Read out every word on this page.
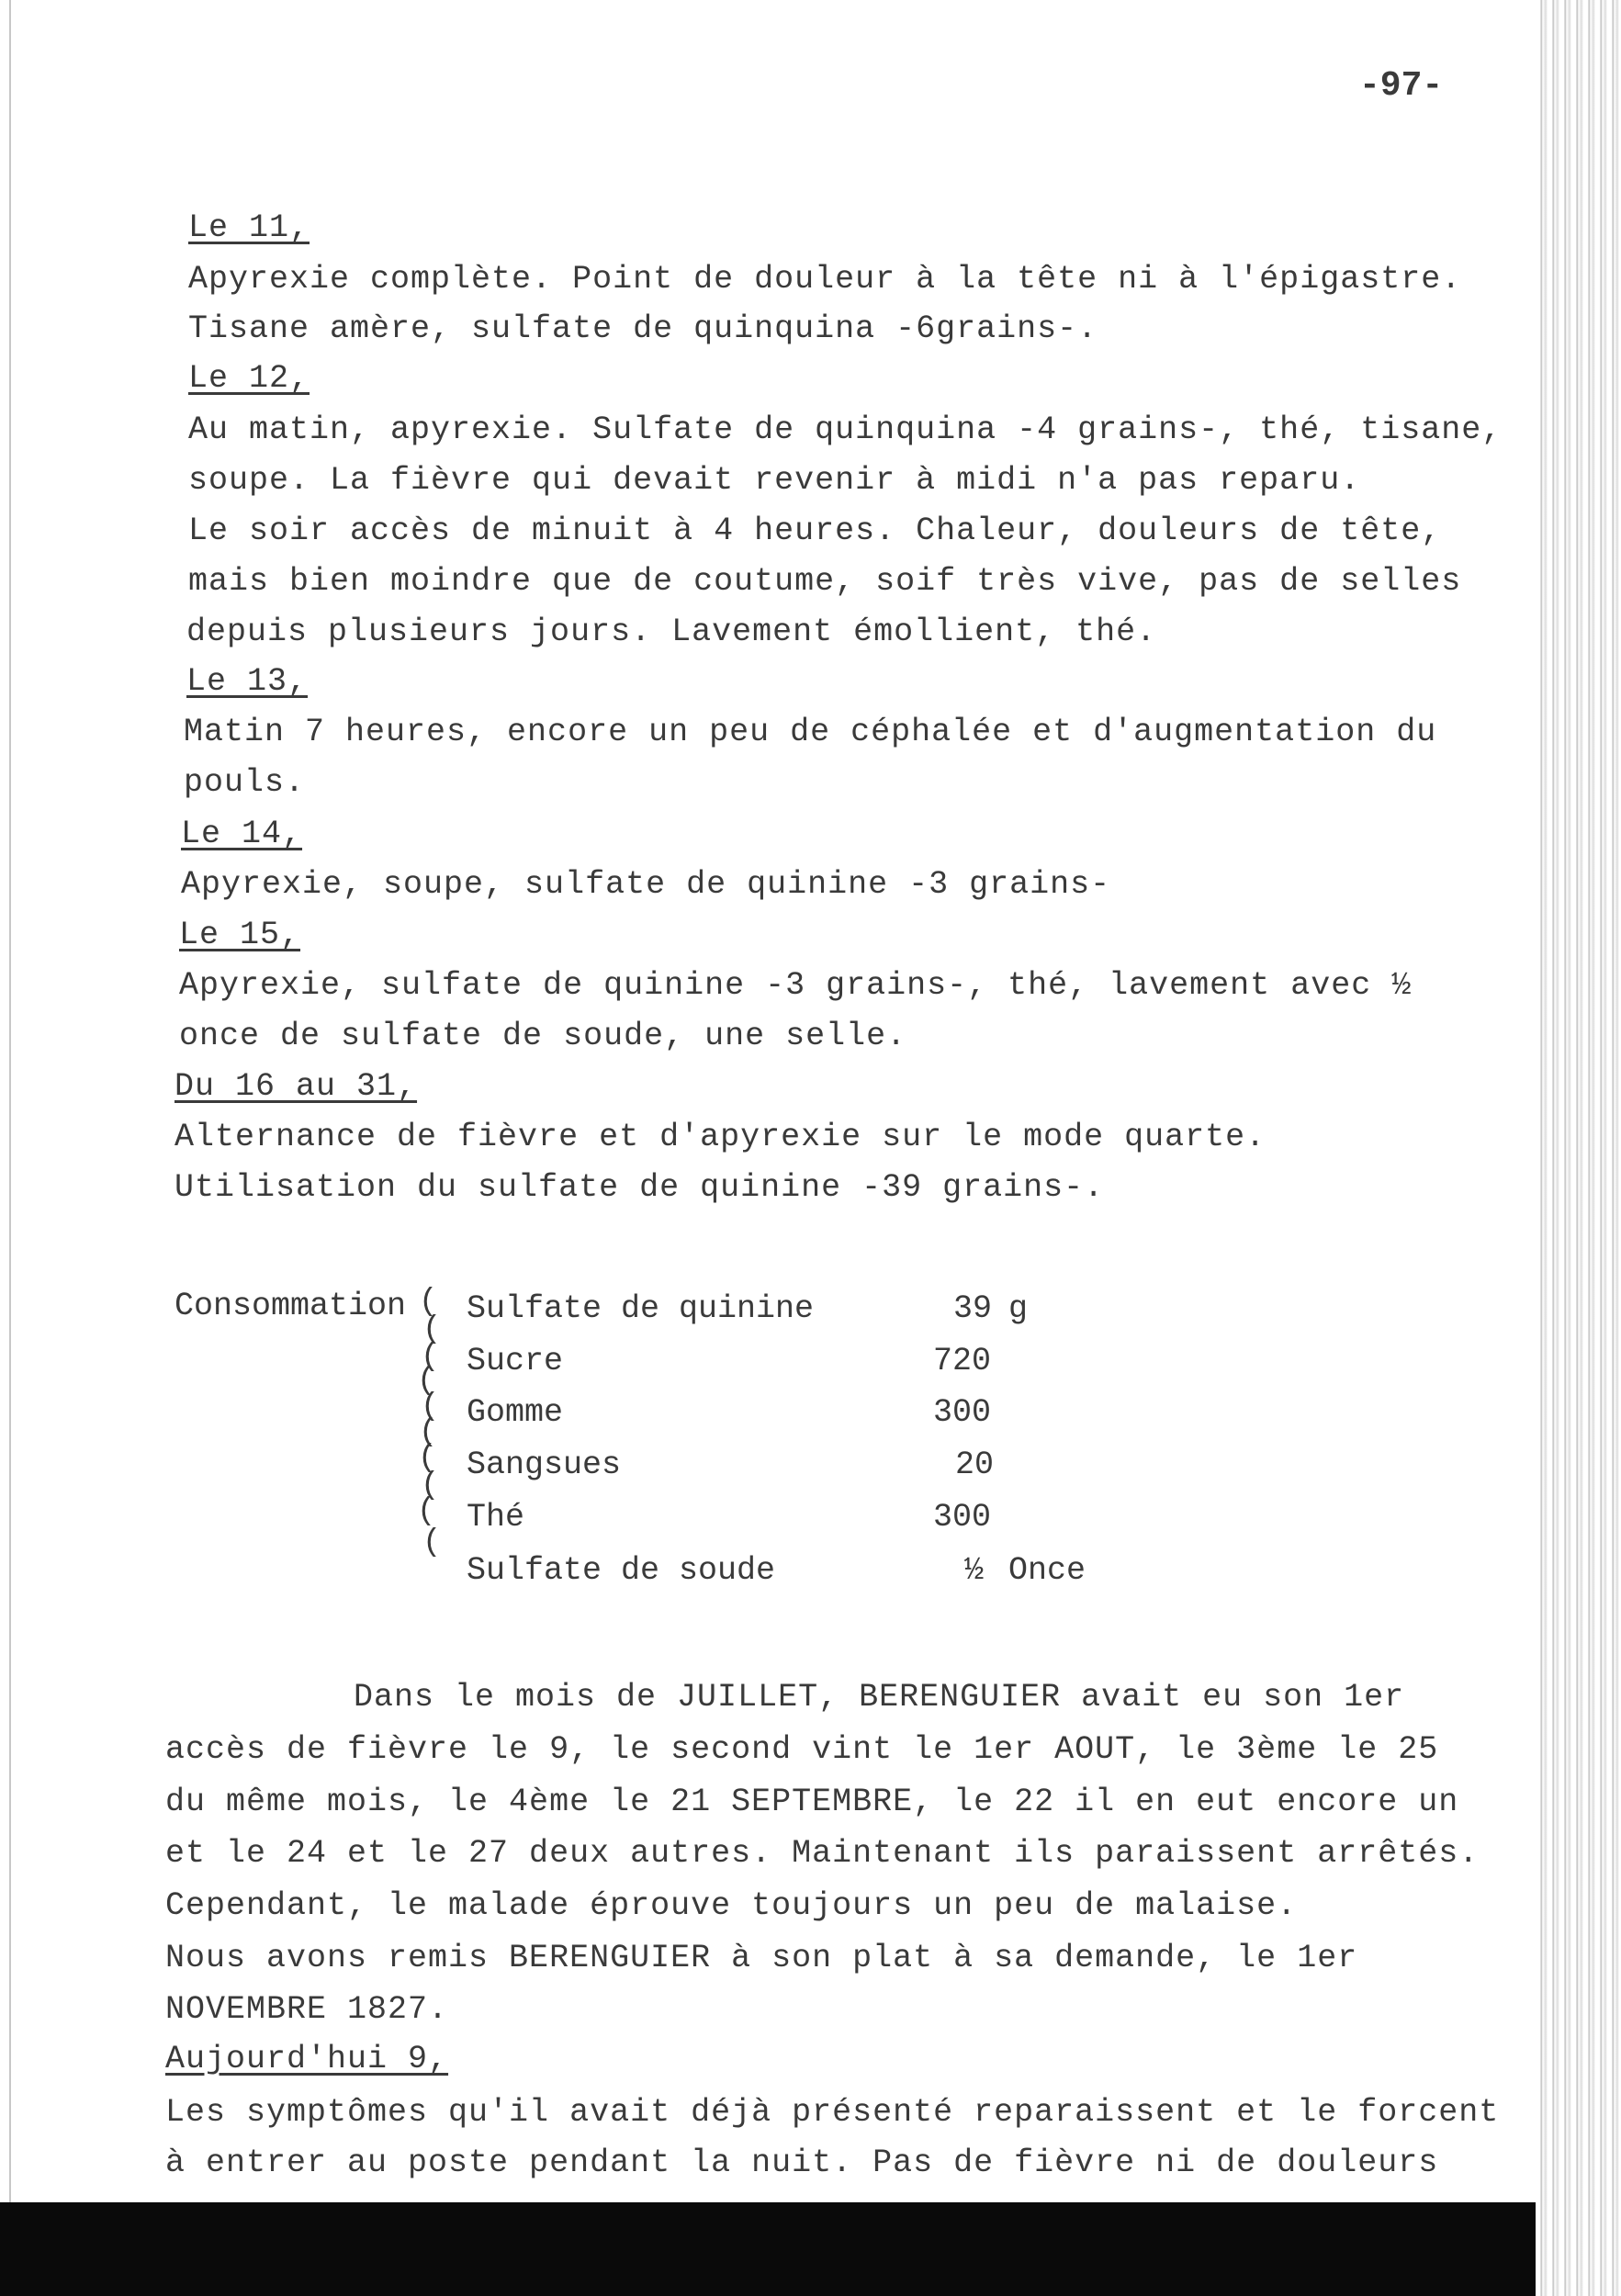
-97-
Le 11,
Apyrexie complète. Point de douleur à la tête ni à l'épigastre.
Tisane amère, sulfate de quinquina -6grains-.
Le 12,
Au matin, apyrexie. Sulfate de quinquina -4 grains-, thé, tisane,
soupe. La fièvre qui devait revenir à midi n'a pas reparu.
Le soir accès de minuit à 4 heures. Chaleur, douleurs de tête,
mais bien moindre que de coutume, soif très vive, pas de selles
depuis plusieurs jours. Lavement émollient, thé.
Le 13,
Matin 7 heures, encore un peu de céphalée et d'augmentation du
pouls.
Le 14,
Apyrexie, soupe, sulfate de quinine -3 grains-
Le 15,
Apyrexie, sulfate de quinine -3 grains-, thé, lavement avec ½
once de sulfate de soude, une selle.
Du 16 au 31,
Alternance de fièvre et d'apyrexie sur le mode quarte.
Utilisation du sulfate de quinine -39 grains-.
Consommation (
(
(
(
(
(
(
(
(
(
Sulfate de quinine	39 g
Sucre	720
Gomme	300
Sangsues	20
Thé	300
Sulfate de soude	½ Once
Dans le mois de JUILLET, BERENGUIER avait eu son 1er
accès de fièvre le 9, le second vint le 1er AOUT, le 3ème le 25
du même mois, le 4ème le 21 SEPTEMBRE, le 22 il en eut encore un
et le 24 et le 27 deux autres. Maintenant ils paraissent arrêtés.
Cependant, le malade éprouve toujours un peu de malaise.
Nous avons remis BERENGUIER à son plat à sa demande, le 1er
NOVEMBRE 1827.
Aujourd'hui 9,
Les symptômes qu'il avait déjà présenté reparaissent et le forcent
à entrer au poste pendant la nuit. Pas de fièvre ni de douleurs
